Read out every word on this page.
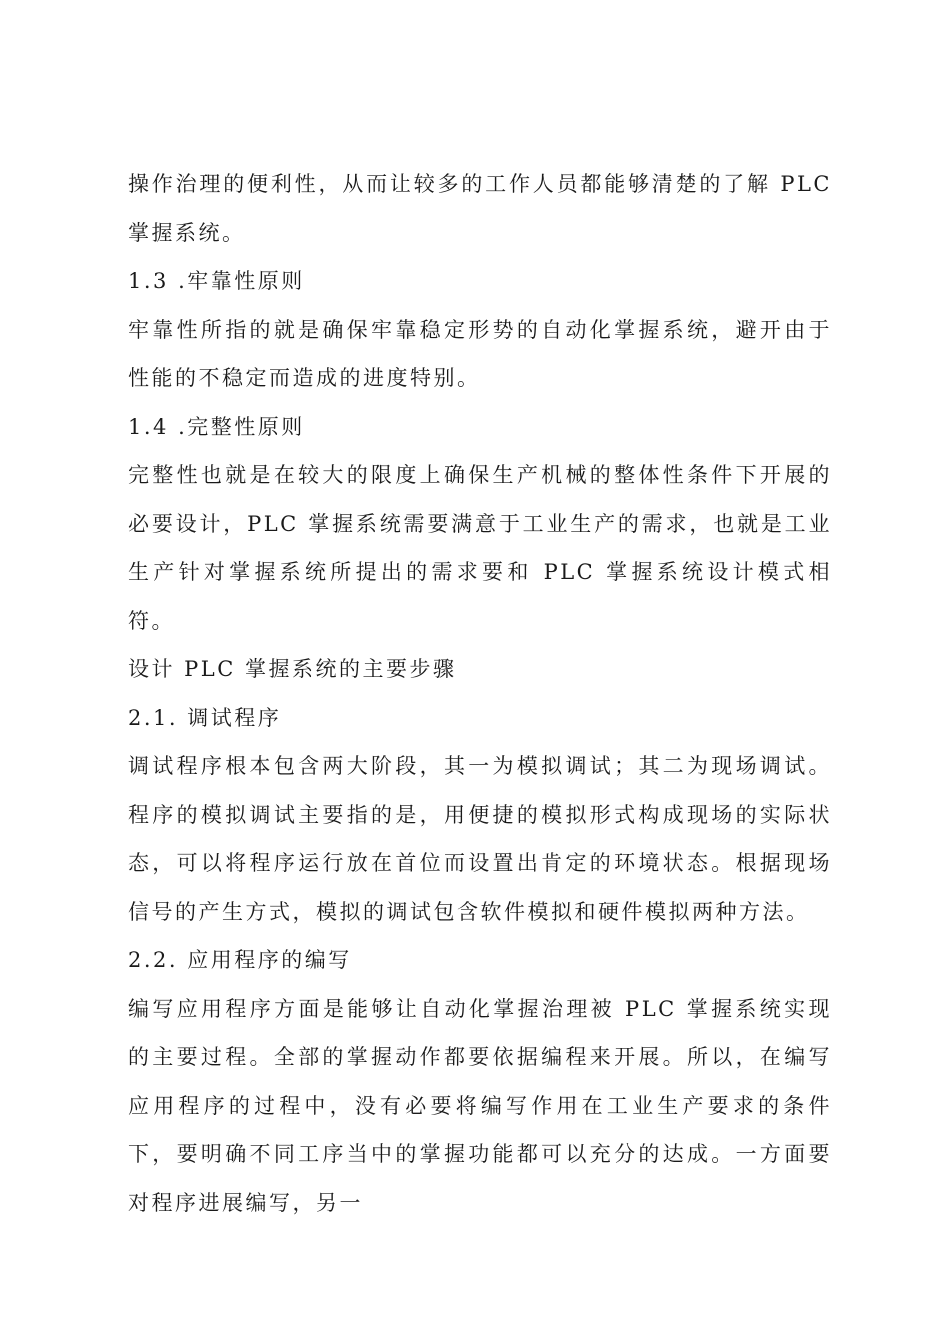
操作治理的便利性，从而让较多的工作人员都能够清楚的了解 PLC 掌握系统。

1.3 .牢靠性原则

牢靠性所指的就是确保牢靠稳定形势的自动化掌握系统，避开由于性能的不稳定而造成的进度特别。

1.4 .完整性原则

完整性也就是在较大的限度上确保生产机械的整体性条件下开展的必要设计，PLC 掌握系统需要满意于工业生产的需求，也就是工业生产针对掌握系统所提出的需求要和 PLC 掌握系统设计模式相符。

设计 PLC 掌握系统的主要步骤

2.1. 调试程序

调试程序根本包含两大阶段，其一为模拟调试；其二为现场调试。程序的模拟调试主要指的是，用便捷的模拟形式构成现场的实际状态，可以将程序运行放在首位而设置出肯定的环境状态。根据现场信号的产生方式，模拟的调试包含软件模拟和硬件模拟两种方法。

2.2. 应用程序的编写

编写应用程序方面是能够让自动化掌握治理被 PLC 掌握系统实现的主要过程。全部的掌握动作都要依据编程来开展。所以，在编写应用程序的过程中，没有必要将编写作用在工业生产要求的条件下，要明确不同工序当中的掌握功能都可以充分的达成。一方面要对程序进展编写，另一
